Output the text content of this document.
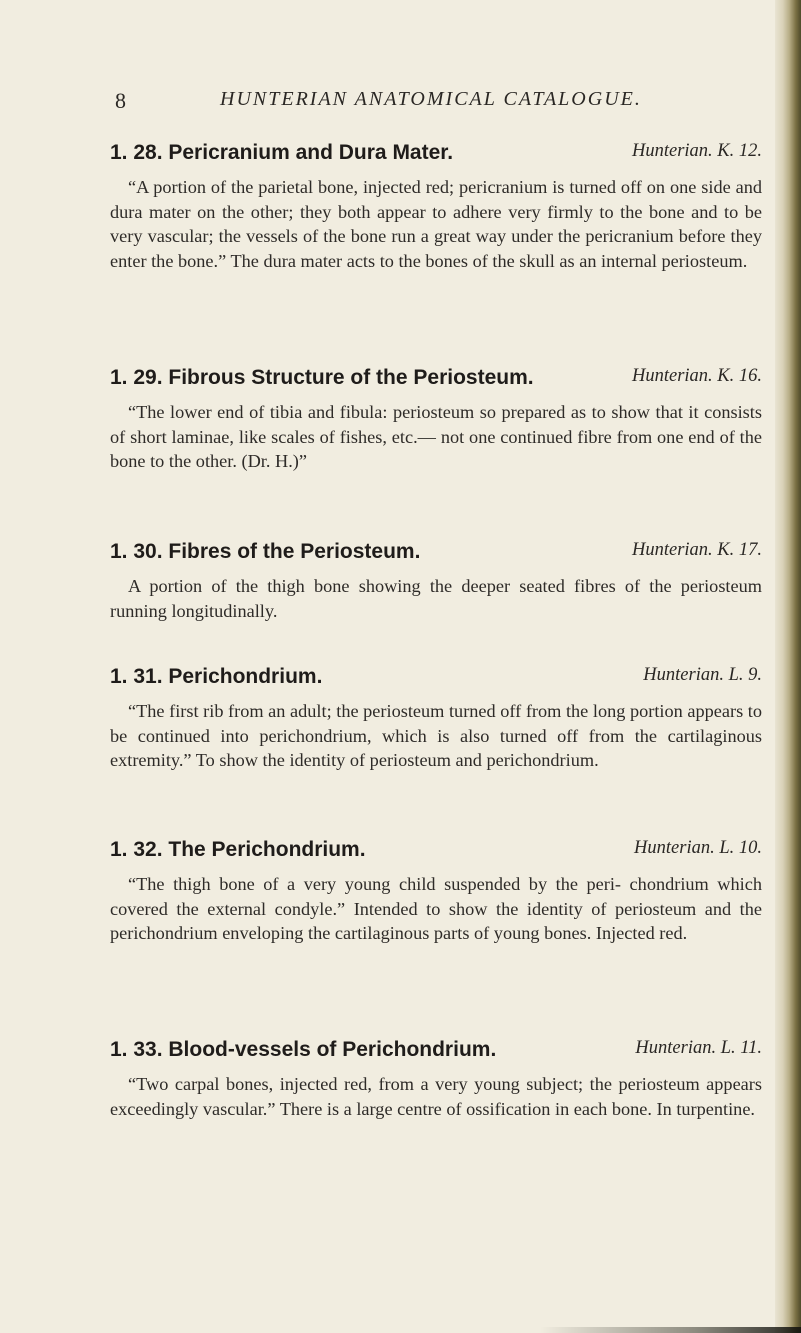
8	HUNTERIAN ANATOMICAL CATALOGUE.
1. 28. Pericranium and Dura Mater.	Hunterian. K. 12.

“A portion of the parietal bone, injected red; pericranium is turned off on one side and dura mater on the other; they both appear to adhere very firmly to the bone and to be very vascular; the vessels of the bone run a great way under the pericranium before they enter the bone.” The dura mater acts to the bones of the skull as an internal periosteum.

1. 29. Fibrous Structure of the Periosteum.	Hunterian. K. 16.

“The lower end of tibia and fibula: periosteum so prepared as to show that it consists of short laminae, like scales of fishes, etc.— not one continued fibre from one end of the bone to the other. (Dr. H.)”

1. 30. Fibres of the Periosteum.	Hunterian. K. 17.

A portion of the thigh bone showing the deeper seated fibres of the periosteum running longitudinally.

1. 31. Perichondrium.	Hunterian. L. 9.

“The first rib from an adult; the periosteum turned off from the long portion appears to be continued into perichondrium, which is also turned off from the cartilaginous extremity.” To show the identity of periosteum and perichondrium.

1. 32. The Perichondrium.	Hunterian. L. 10.

“The thigh bone of a very young child suspended by the peri- chondrium which covered the external condyle.” Intended to show the identity of periosteum and the perichondrium enveloping the cartilaginous parts of young bones. Injected red.

1. 33. Blood-vessels of Perichondrium.	Hunterian. L. 11.

“Two carpal bones, injected red, from a very young subject; the periosteum appears exceedingly vascular.” There is a large centre of ossification in each bone. In turpentine.
